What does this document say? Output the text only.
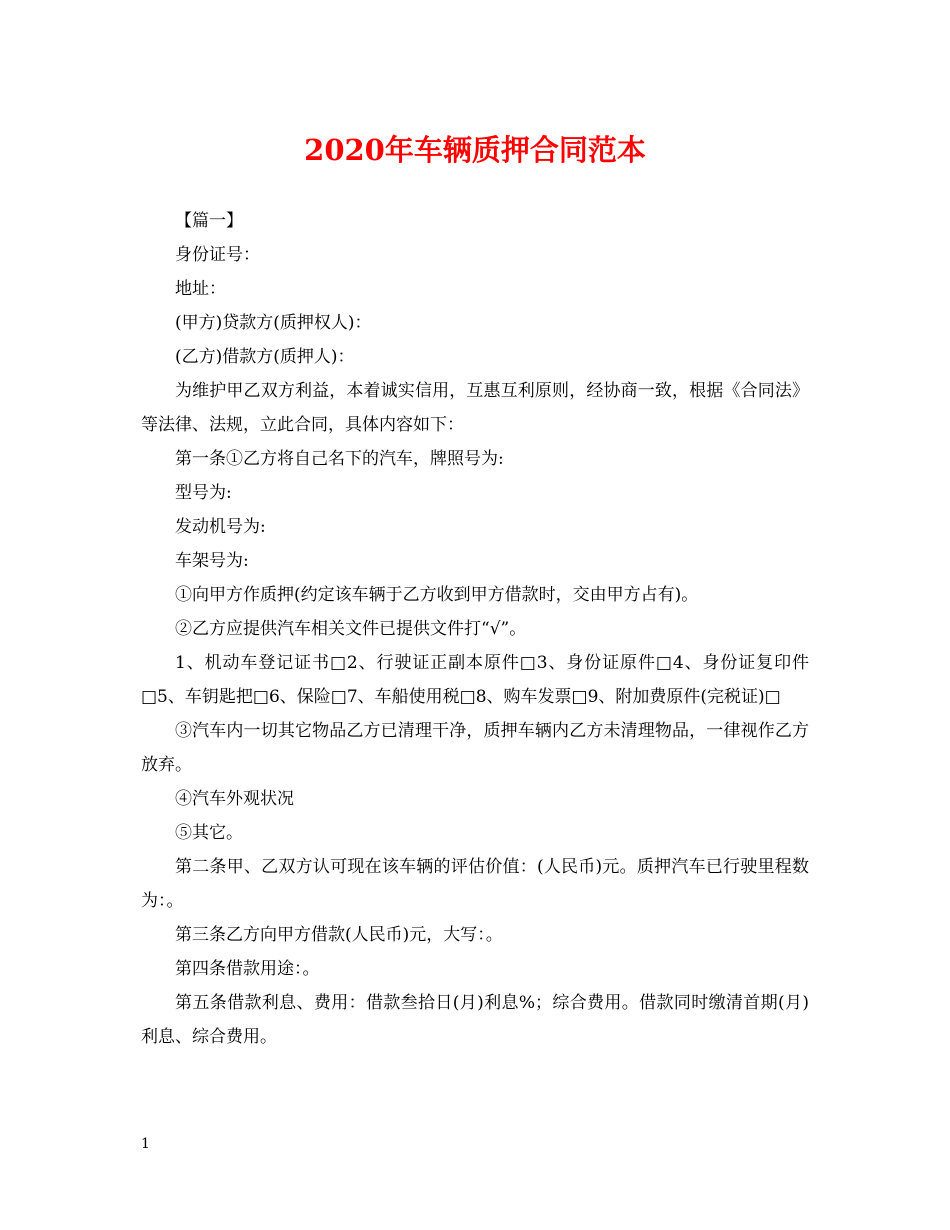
2020年车辆质押合同范本

【篇一】

身份证号：

地址：

(甲方)贷款方(质押权人)：

(乙方)借款方(质押人)：

为维护甲乙双方利益，本着诚实信用，互惠互利原则，经协商一致，根据《合同法》等法律、法规，立此合同，具体内容如下：

第一条①乙方将自己名下的汽车，牌照号为:

型号为:

发动机号为:

车架号为:

①向甲方作质押(约定该车辆于乙方收到甲方借款时，交由甲方占有)。

②乙方应提供汽车相关文件已提供文件打“√”。

1、机动车登记证书□2、行驶证正副本原件□3、身份证原件□4、身份证复印件□5、车钥匙把□6、保险□7、车船使用税□8、购车发票□9、附加费原件(完税证)□

③汽车内一切其它物品乙方已清理干净，质押车辆内乙方未清理物品，一律视作乙方放弃。

④汽车外观状况

⑤其它。

第二条甲、乙双方认可现在该车辆的评估价值：(人民币)元。质押汽车已行驶里程数为：。

第三条乙方向甲方借款(人民币)元，大写：。

第四条借款用途：。

第五条借款利息、费用：借款叁拾日(月)利息%；综合费用。借款同时缴清首期(月)利息、综合费用。

1
